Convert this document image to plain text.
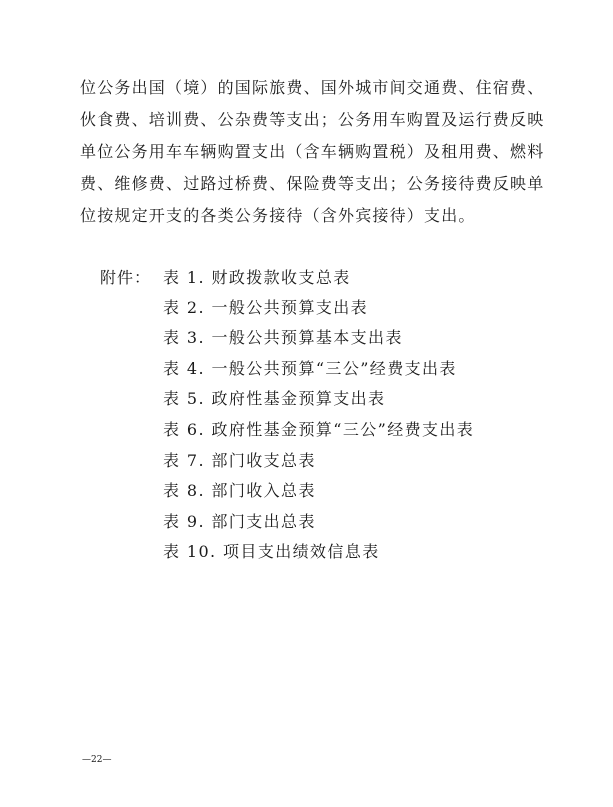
位公务出国（境）的国际旅费、国外城市间交通费、住宿费、
伙食费、培训费、公杂费等支出；公务用车购置及运行费反映
单位公务用车车辆购置支出（含车辆购置税）及租用费、燃料
费、维修费、过路过桥费、保险费等支出；公务接待费反映单
位按规定开支的各类公务接待（含外宾接待）支出。
附件： 表 1. 财政拨款收支总表
表 2. 一般公共预算支出表
表 3. 一般公共预算基本支出表
表 4. 一般公共预算“三公”经费支出表
表 5. 政府性基金预算支出表
表 6. 政府性基金预算“三公”经费支出表
表 7. 部门收支总表
表 8. 部门收入总表
表 9. 部门支出总表
表 10. 项目支出绩效信息表
—22—
